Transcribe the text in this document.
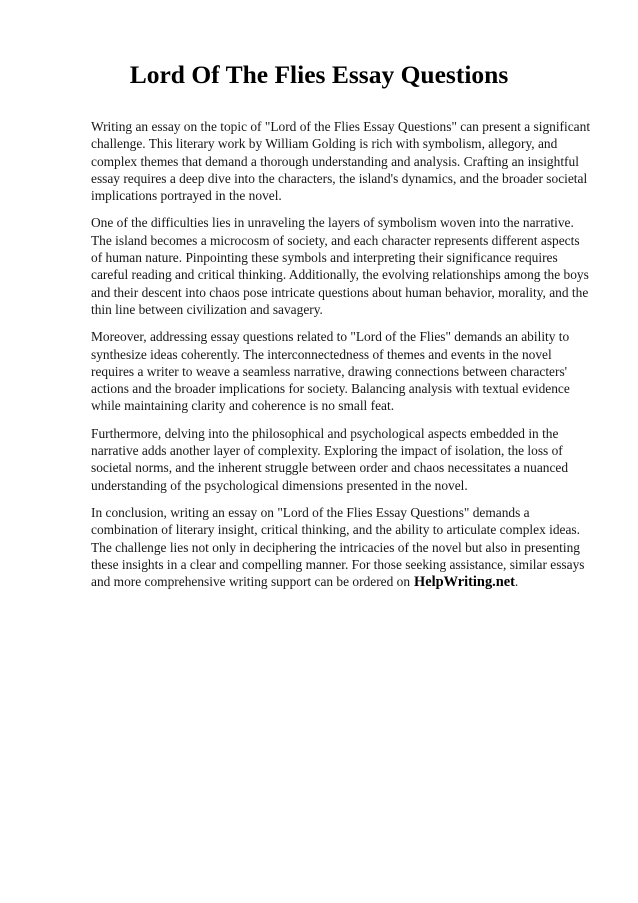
Lord Of The Flies Essay Questions

Writing an essay on the topic of "Lord of the Flies Essay Questions" can present a significant challenge. This literary work by William Golding is rich with symbolism, allegory, and complex themes that demand a thorough understanding and analysis. Crafting an insightful essay requires a deep dive into the characters, the island's dynamics, and the broader societal implications portrayed in the novel.

One of the difficulties lies in unraveling the layers of symbolism woven into the narrative. The island becomes a microcosm of society, and each character represents different aspects of human nature. Pinpointing these symbols and interpreting their significance requires careful reading and critical thinking. Additionally, the evolving relationships among the boys and their descent into chaos pose intricate questions about human behavior, morality, and the thin line between civilization and savagery.

Moreover, addressing essay questions related to "Lord of the Flies" demands an ability to synthesize ideas coherently. The interconnectedness of themes and events in the novel requires a writer to weave a seamless narrative, drawing connections between characters' actions and the broader implications for society. Balancing analysis with textual evidence while maintaining clarity and coherence is no small feat.

Furthermore, delving into the philosophical and psychological aspects embedded in the narrative adds another layer of complexity. Exploring the impact of isolation, the loss of societal norms, and the inherent struggle between order and chaos necessitates a nuanced understanding of the psychological dimensions presented in the novel.

In conclusion, writing an essay on "Lord of the Flies Essay Questions" demands a combination of literary insight, critical thinking, and the ability to articulate complex ideas. The challenge lies not only in deciphering the intricacies of the novel but also in presenting these insights in a clear and compelling manner. For those seeking assistance, similar essays and more comprehensive writing support can be ordered on HelpWriting.net.
